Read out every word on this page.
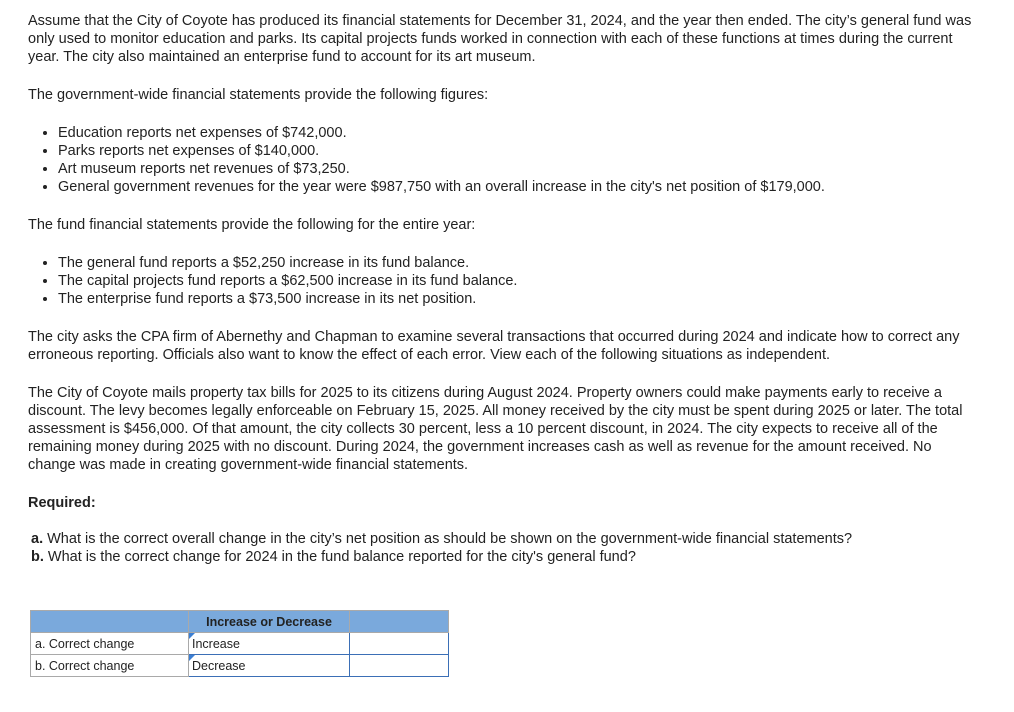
Assume that the City of Coyote has produced its financial statements for December 31, 2024, and the year then ended. The city’s general fund was only used to monitor education and parks. Its capital projects funds worked in connection with each of these functions at times during the current year. The city also maintained an enterprise fund to account for its art museum.

The government-wide financial statements provide the following figures:

• Education reports net expenses of $742,000.
• Parks reports net expenses of $140,000.
• Art museum reports net revenues of $73,250.
• General government revenues for the year were $987,750 with an overall increase in the city's net position of $179,000.

The fund financial statements provide the following for the entire year:

• The general fund reports a $52,250 increase in its fund balance.
• The capital projects fund reports a $62,500 increase in its fund balance.
• The enterprise fund reports a $73,500 increase in its net position.

The city asks the CPA firm of Abernethy and Chapman to examine several transactions that occurred during 2024 and indicate how to correct any erroneous reporting. Officials also want to know the effect of each error. View each of the following situations as independent.

The City of Coyote mails property tax bills for 2025 to its citizens during August 2024. Property owners could make payments early to receive a discount. The levy becomes legally enforceable on February 15, 2025. All money received by the city must be spent during 2025 or later. The total assessment is $456,000. Of that amount, the city collects 30 percent, less a 10 percent discount, in 2024. The city expects to receive all of the remaining money during 2025 with no discount. During 2024, the government increases cash as well as revenue for the amount received. No change was made in creating government-wide financial statements.

Required:

a. What is the correct overall change in the city’s net position as should be shown on the government-wide financial statements?

b. What is the correct change for 2024 in the fund balance reported for the city's general fund?

	Increase or Decrease	
a. Correct change	Increase	
b. Correct change	Decrease	
